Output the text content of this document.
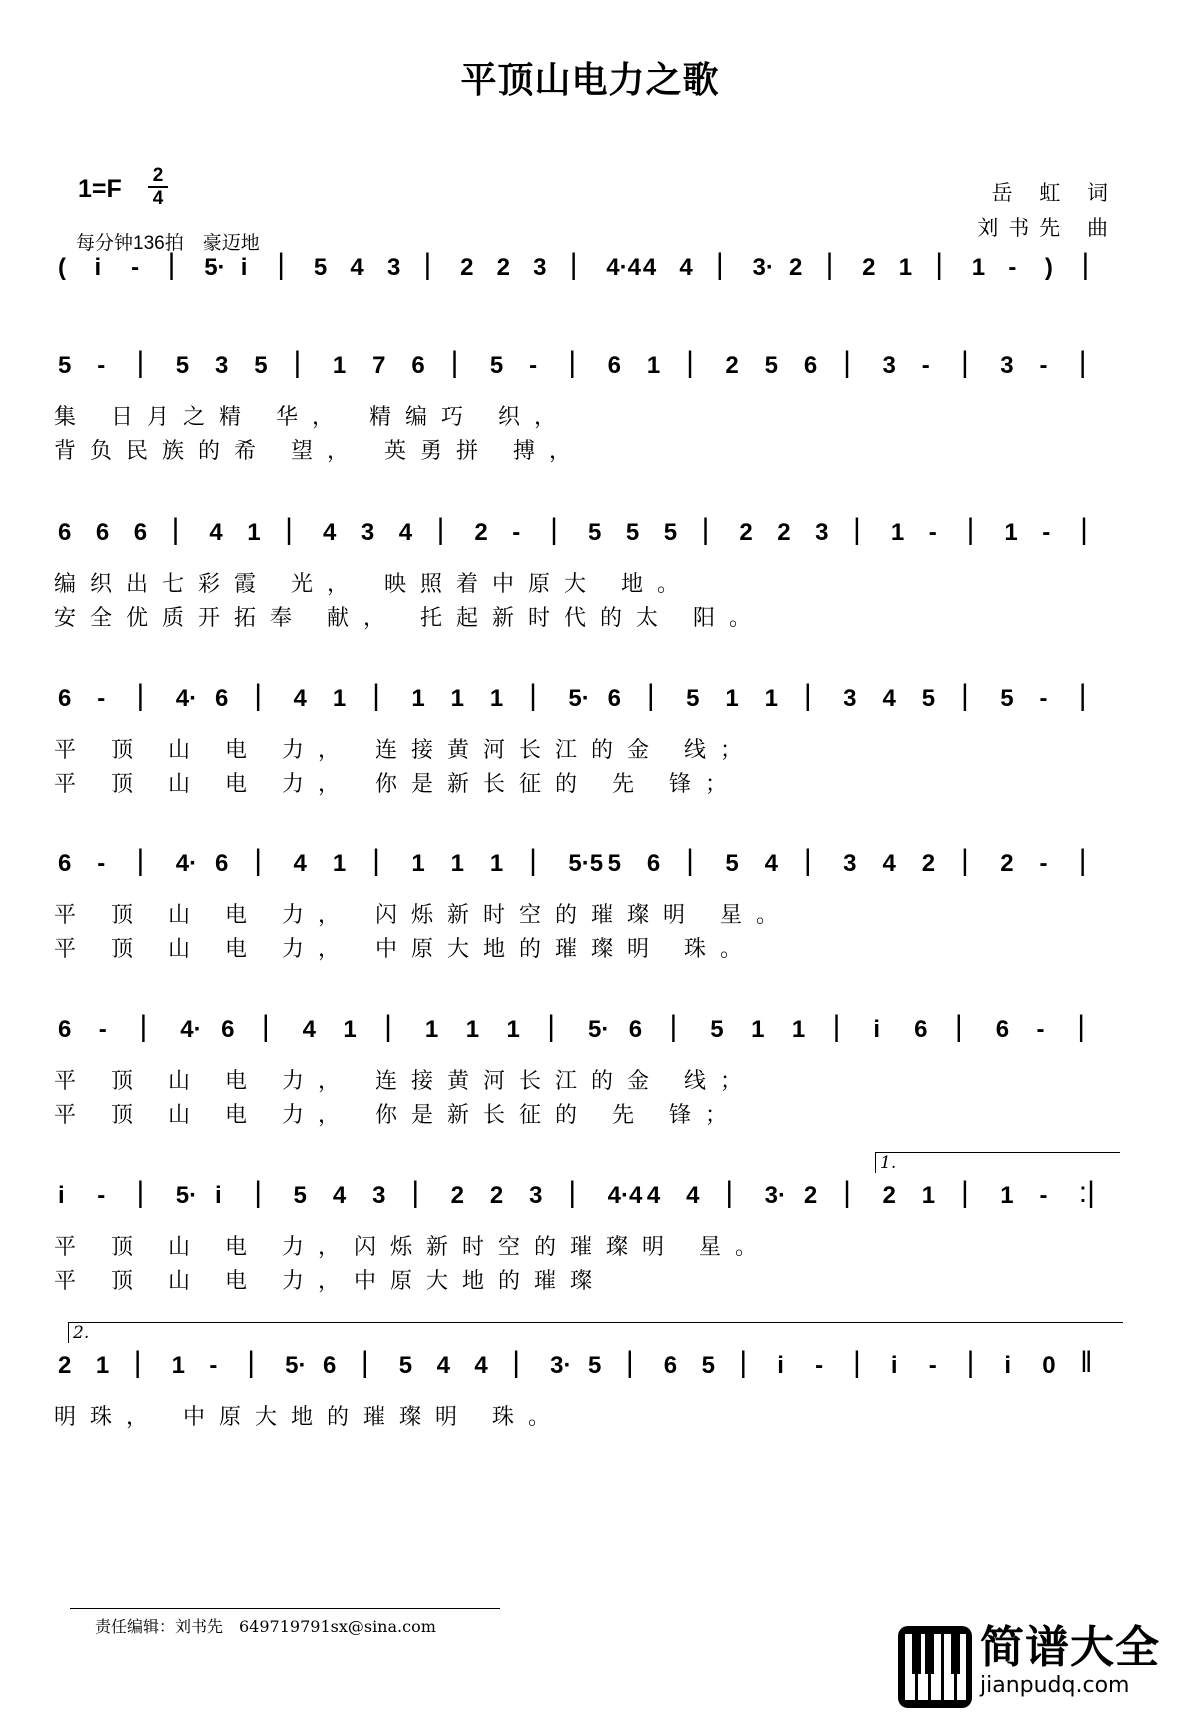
平顶山电力之歌
1=F 2
4
每分钟136拍　豪迈地
岳 虹 词
刘书先 曲
( i - | 5· i | 5 4 3 | 2 2 3 | 4·4 4 4 | 3· 2 | 2 1 | 1 - ) |
5 - | 5 3 5 | 1 7 6 | 5 - | 6 1 | 2 5 6 | 3 - | 3 - |
集 日月之精 华， 精编巧 织，
背负民族的希 望， 英勇拼 搏，
6 6 6 | 4 1 | 4 3 4 | 2 - | 5 5 5 | 2 2 3 | 1 - | 1 - |
编织出七彩霞 光， 映照着中原大 地。
安全优质开拓奉 献， 托起新时代的太 阳。
6 - | 4· 6 | 4 1 | 1 1 1 | 5· 6 | 5 1 1 | 3 4 5 | 5 - |
平 顶 山 电 力， 连接黄河长江的金 线；
平 顶 山 电 力， 你是新长征的 先 锋；
6 - | 4· 6 | 4 1 | 1 1 1 | 5·5 5 6 | 5 4 | 3 4 2 | 2 - |
平 顶 山 电 力， 闪烁新时空的璀璨明 星。
平 顶 山 电 力， 中原大地的璀璨明 珠。
6 - | 4· 6 | 4 1 | 1 1 1 | 5· 6 | 5 1 1 | i 6 | 6 - |
平 顶 山 电 力， 连接黄河长江的金 线；
平 顶 山 电 力， 你是新长征的 先 锋；
1.
i - | 5· i | 5 4 3 | 2 2 3 | 4·4 4 4 | 3· 2 | 2 1 | 1 - :|
平 顶 山 电 力，闪烁新时空的璀璨明 星。
平 顶 山 电 力，中原大地的璀璨
2.
2 1 | 1 - | 5· 6 | 5 4 4 | 3· 5 | 6 5 | i - | i - | i 0 ‖
明珠， 中原大地的璀璨明 珠。
责任编辑：刘书先　649719791sx@sina.com	简谱大全
jianpudq.com
